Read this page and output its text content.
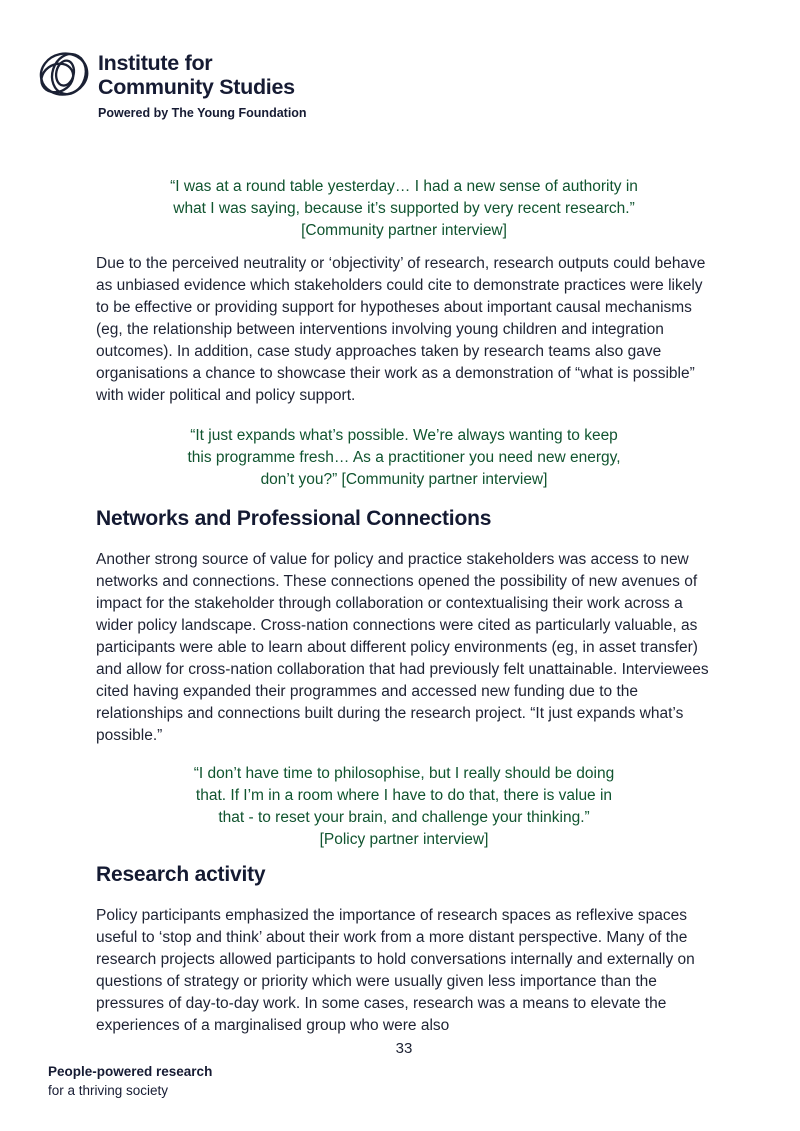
Institute for
Community Studies
Powered by The Young Foundation
“I was at a round table yesterday… I had a new sense of authority in
what I was saying, because it’s supported by very recent research.”
[Community partner interview]

Due to the perceived neutrality or ‘objectivity’ of research, research outputs could behave as unbiased evidence which stakeholders could cite to demonstrate practices were likely to be effective or providing support for hypotheses about important causal mechanisms (eg, the relationship between interventions involving young children and integration outcomes). In addition, case study approaches taken by research teams also gave organisations a chance to showcase their work as a demonstration of “what is possible” with wider political and policy support.

“It just expands what’s possible. We’re always wanting to keep
this programme fresh… As a practitioner you need new energy,
don’t you?” [Community partner interview]
Networks and Professional Connections

Another strong source of value for policy and practice stakeholders was access to new networks and connections. These connections opened the possibility of new avenues of impact for the stakeholder through collaboration or contextualising their work across a wider policy landscape. Cross-nation connections were cited as particularly valuable, as participants were able to learn about different policy environments (eg, in asset transfer) and allow for cross-nation collaboration that had previously felt unattainable. Interviewees cited having expanded their programmes and accessed new funding due to the relationships and connections built during the research project. “It just expands what’s possible.”

“I don’t have time to philosophise, but I really should be doing
that. If I’m in a room where I have to do that, there is value in
that - to reset your brain, and challenge your thinking.”
[Policy partner interview]
Research activity

Policy participants emphasized the importance of research spaces as reflexive spaces useful to ‘stop and think’ about their work from a more distant perspective. Many of the research projects allowed participants to hold conversations internally and externally on questions of strategy or priority which were usually given less importance than the pressures of day-to-day work. In some cases, research was a means to elevate the experiences of a marginalised group who were also

33
People-powered research
for a thriving society
